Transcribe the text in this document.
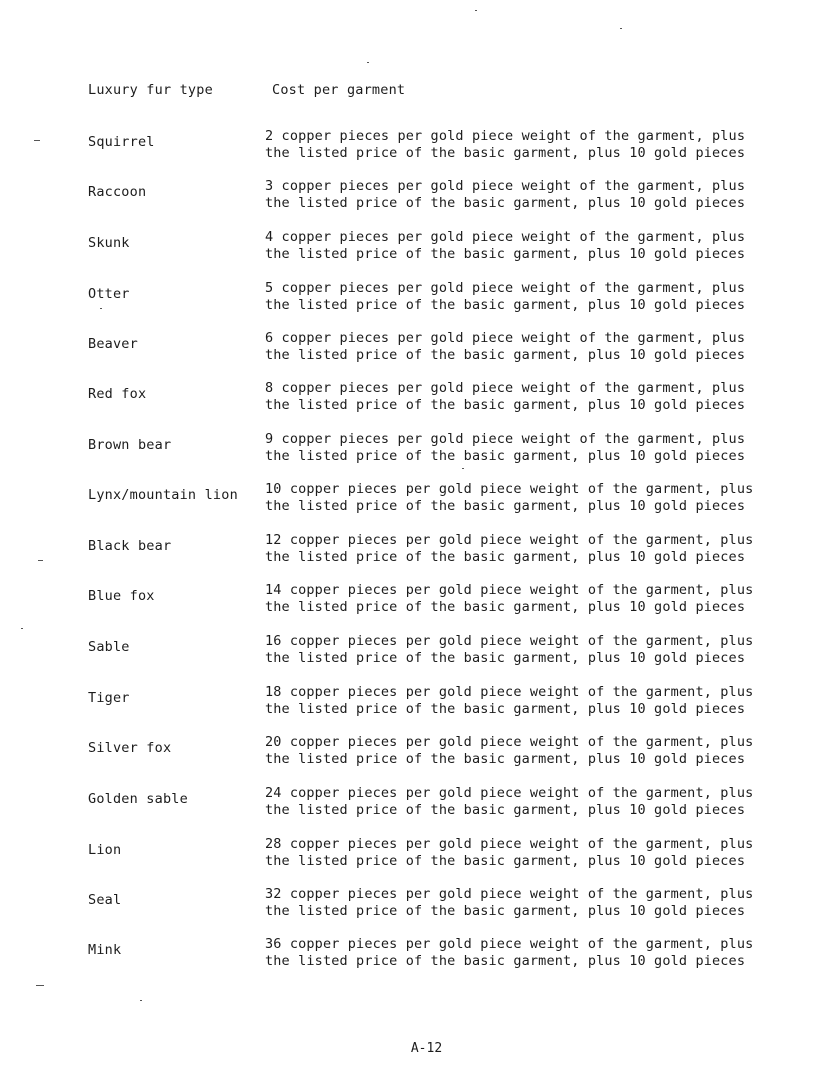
Luxury fur type	Cost per garment
Squirrel	2 copper pieces per gold piece weight of the garment, plus
the listed price of the basic garment, plus 10 gold pieces
Raccoon	3 copper pieces per gold piece weight of the garment, plus
the listed price of the basic garment, plus 10 gold pieces
Skunk	4 copper pieces per gold piece weight of the garment, plus
the listed price of the basic garment, plus 10 gold pieces
Otter	5 copper pieces per gold piece weight of the garment, plus
the listed price of the basic garment, plus 10 gold pieces
Beaver	6 copper pieces per gold piece weight of the garment, plus
the listed price of the basic garment, plus 10 gold pieces
Red fox	8 copper pieces per gold piece weight of the garment, plus
the listed price of the basic garment, plus 10 gold pieces
Brown bear	9 copper pieces per gold piece weight of the garment, plus
the listed price of the basic garment, plus 10 gold pieces
Lynx/mountain lion 10 copper pieces per gold piece weight of the garment, plus
the listed price of the basic garment, plus 10 gold pieces
Black bear	12 copper pieces per gold piece weight of the garment, plus
the listed price of the basic garment, plus 10 gold pieces
Blue fox	14 copper pieces per gold piece weight of the garment, plus
the listed price of the basic garment, plus 10 gold pieces
Sable	16 copper pieces per gold piece weight of the garment, plus
the listed price of the basic garment, plus 10 gold pieces
Tiger	18 copper pieces per gold piece weight of the garment, plus
the listed price of the basic garment, plus 10 gold pieces
Silver fox	20 copper pieces per gold piece weight of the garment, plus
the listed price of the basic garment, plus 10 gold pieces
Golden sable	24 copper pieces per gold piece weight of the garment, plus
the listed price of the basic garment, plus 10 gold pieces
Lion	28 copper pieces per gold piece weight of the garment, plus
the listed price of the basic garment, plus 10 gold pieces
Seal	32 copper pieces per gold piece weight of the garment, plus
the listed price of the basic garment, plus 10 gold pieces
Mink	36 copper pieces per gold piece weight of the garment, plus
the listed price of the basic garment, plus 10 gold pieces
A-12
